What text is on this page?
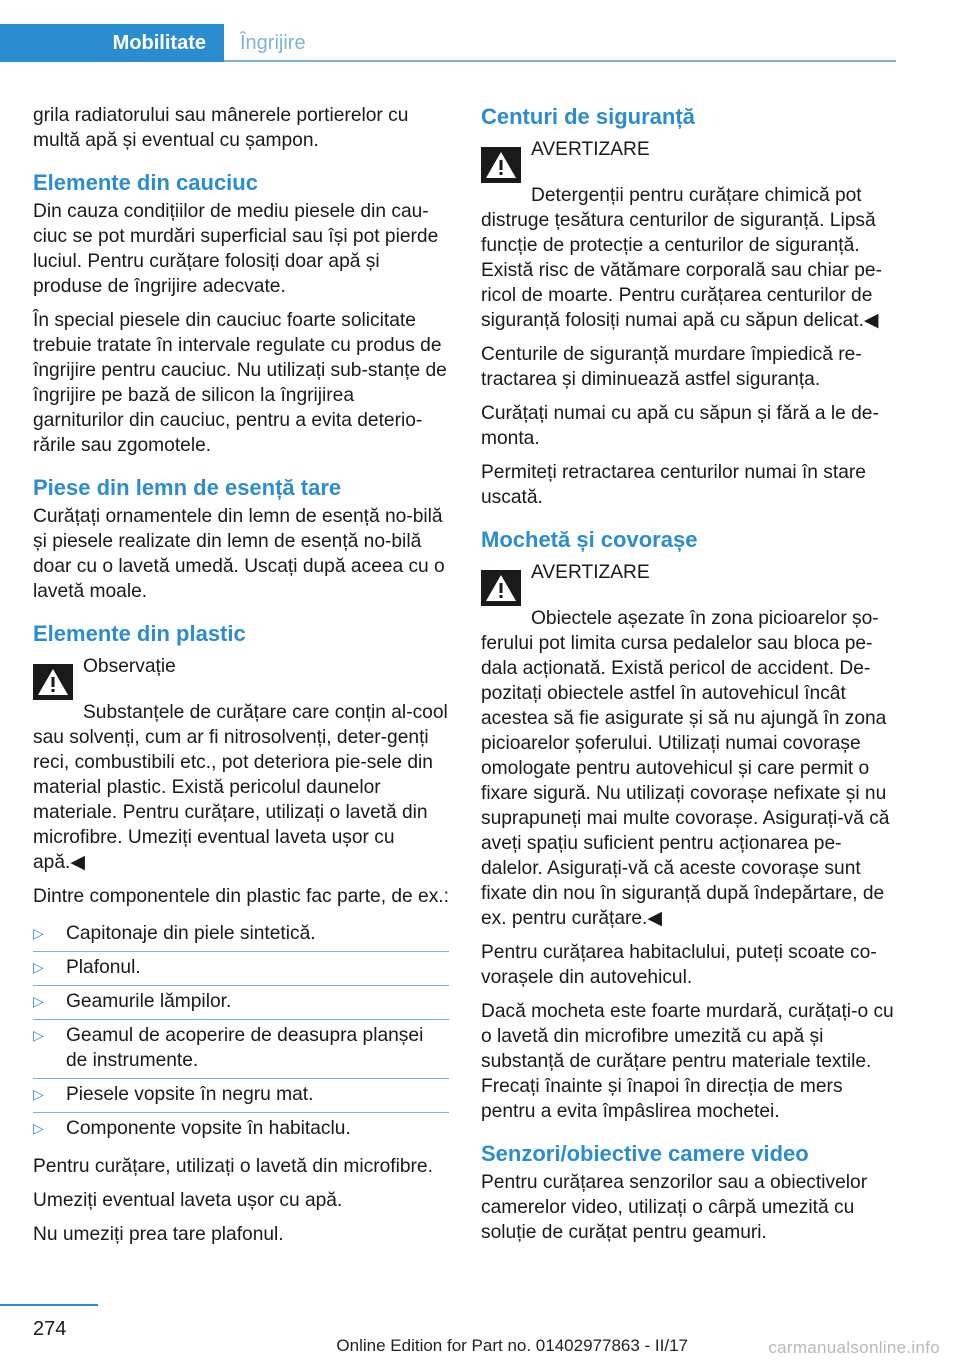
Mobilitate	Îngrijire

grila radiatorului sau mânerele portierelor cu multă apă și eventual cu șampon.

Elemente din cauciuc

Din cauza condițiilor de mediu piesele din cau‐ciuc se pot murdări superficial sau își pot pierde luciul. Pentru curățare folosiți doar apă și produse de îngrijire adecvate.

În special piesele din cauciuc foarte solicitate trebuie tratate în intervale regulate cu produs de îngrijire pentru cauciuc. Nu utilizați sub‐stanțe de îngrijire pe bază de silicon la îngrijirea garniturilor din cauciuc, pentru a evita deterio‐rările sau zgomotele.

Piese din lemn de esență tare

Curățați ornamentele din lemn de esență no‐bilă și piesele realizate din lemn de esență no‐bilă doar cu o lavetă umedă. Uscați după aceea cu o lavetă moale.

Elemente din plastic
Observație

Substanțele de curățare care conțin al‐cool sau solvenți, cum ar fi nitrosolvenți, deter‐genți reci, combustibili etc., pot deteriora pie‐sele din material plastic. Există pericolul daunelor materiale. Pentru curățare, utilizați o lavetă din microfibre. Umeziți eventual laveta ușor cu apă.◀

Dintre componentele din plastic fac parte, de ex.:

▷	Capitonaje din piele sintetică.
▷	Plafonul.
▷	Geamurile lămpilor.
▷	Geamul de acoperire de deasupra planșei de instrumente.
▷	Piesele vopsite în negru mat.
▷	Componente vopsite în habitaclu.

Pentru curățare, utilizați o lavetă din microfibre.

Umeziți eventual laveta ușor cu apă.

Nu umeziți prea tare plafonul.

Centuri de siguranță
AVERTIZARE

Detergenții pentru curățare chimică pot distruge țesătura centurilor de siguranță. Lipsă funcție de protecție a centurilor de siguranță. Există risc de vătămare corporală sau chiar pe‐ricol de moarte. Pentru curățarea centurilor de siguranță folosiți numai apă cu săpun delicat.◀

Centurile de siguranță murdare împiedică re‐tractarea și diminuează astfel siguranța.

Curățați numai cu apă cu săpun și fără a le de‐monta.

Permiteți retractarea centurilor numai în stare uscată.

Mochetă și covorașe
AVERTIZARE

Obiectele așezate în zona picioarelor șo‐ferului pot limita cursa pedalelor sau bloca pe‐dala acționată. Există pericol de accident. De‐pozitați obiectele astfel în autovehicul încât acestea să fie asigurate și să nu ajungă în zona picioarelor șoferului. Utilizați numai covorașe omologate pentru autovehicul și care permit o fixare sigură. Nu utilizați covorașe nefixate și nu suprapuneți mai multe covorașe. Asigurați-vă că aveți spațiu suficient pentru acționarea pe‐dalelor. Asigurați-vă că aceste covorașe sunt fixate din nou în siguranță după îndepărtare, de ex. pentru curățare.◀

Pentru curățarea habitaclului, puteți scoate co‐vorașele din autovehicul.

Dacă mocheta este foarte murdară, curățați-o cu o lavetă din microfibre umezită cu apă și substanță de curățare pentru materiale textile. Frecați înainte și înapoi în direcția de mers pentru a evita împâslirea mochetei.

Senzori/obiective camere video

Pentru curățarea senzorilor sau a obiectivelor camerelor video, utilizați o cârpă umezită cu soluție de curățat pentru geamuri.

274
Online Edition for Part no. 01402977863 - II/17	carmanualsonline.info
